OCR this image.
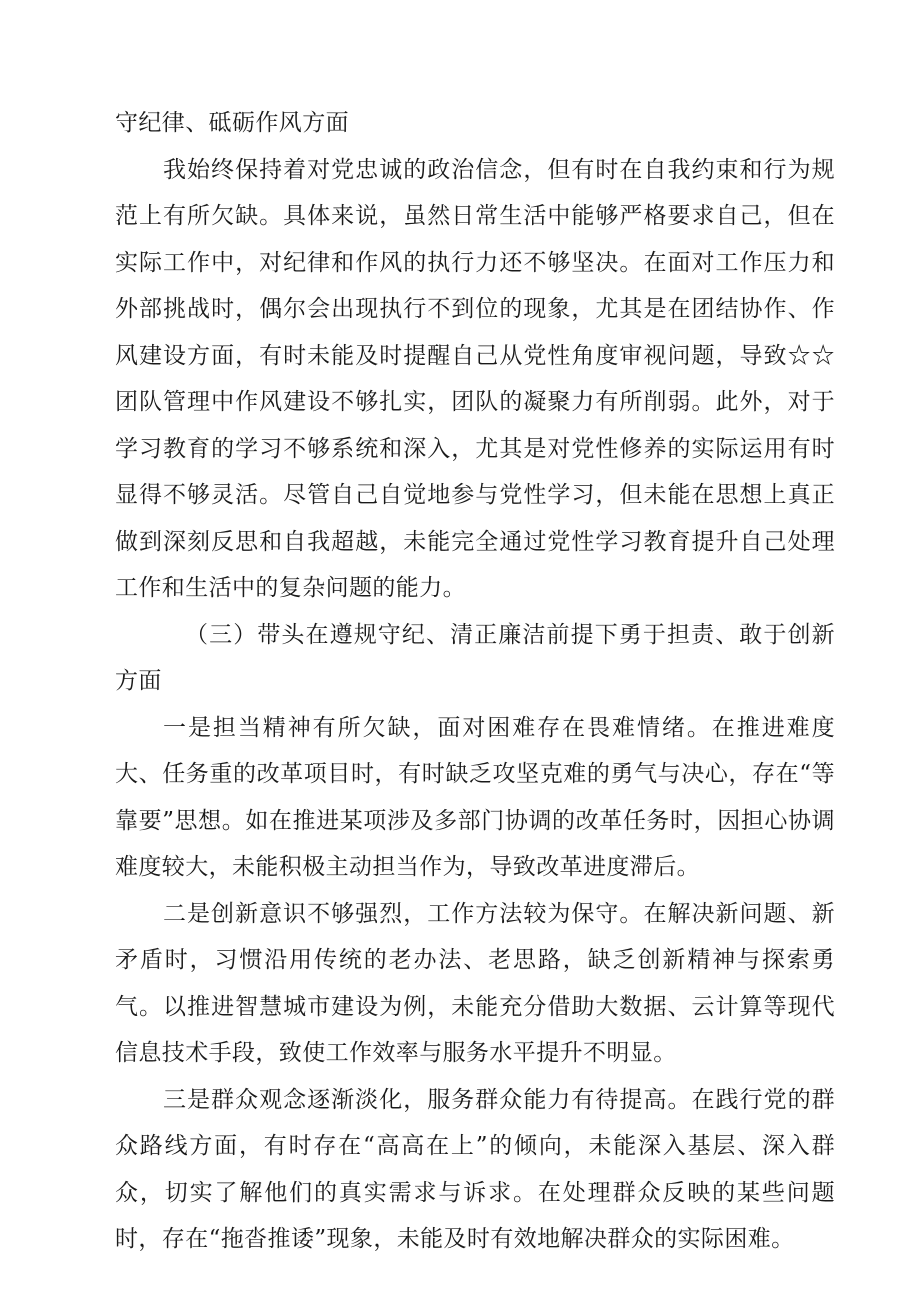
守纪律、砥砺作风方面

我始终保持着对党忠诚的政治信念，但有时在自我约束和行为规范上有所欠缺。具体来说，虽然日常生活中能够严格要求自己，但在实际工作中，对纪律和作风的执行力还不够坚决。在面对工作压力和外部挑战时，偶尔会出现执行不到位的现象，尤其是在团结协作、作风建设方面，有时未能及时提醒自己从党性角度审视问题，导致☆☆团队管理中作风建设不够扎实，团队的凝聚力有所削弱。此外，对于学习教育的学习不够系统和深入，尤其是对党性修养的实际运用有时显得不够灵活。尽管自己自觉地参与党性学习，但未能在思想上真正做到深刻反思和自我超越，未能完全通过党性学习教育提升自己处理工作和生活中的复杂问题的能力。

（三）带头在遵规守纪、清正廉洁前提下勇于担责、敢于创新方面

一是担当精神有所欠缺，面对困难存在畏难情绪。在推进难度大、任务重的改革项目时，有时缺乏攻坚克难的勇气与决心，存在“等靠要”思想。如在推进某项涉及多部门协调的改革任务时，因担心协调难度较大，未能积极主动担当作为，导致改革进度滞后。

二是创新意识不够强烈，工作方法较为保守。在解决新问题、新矛盾时，习惯沿用传统的老办法、老思路，缺乏创新精神与探索勇气。以推进智慧城市建设为例，未能充分借助大数据、云计算等现代信息技术手段，致使工作效率与服务水平提升不明显。

三是群众观念逐渐淡化，服务群众能力有待提高。在践行党的群众路线方面，有时存在“高高在上”的倾向，未能深入基层、深入群众，切实了解他们的真实需求与诉求。在处理群众反映的某些问题时，存在“拖沓推诿”现象，未能及时有效地解决群众的实际困难。
